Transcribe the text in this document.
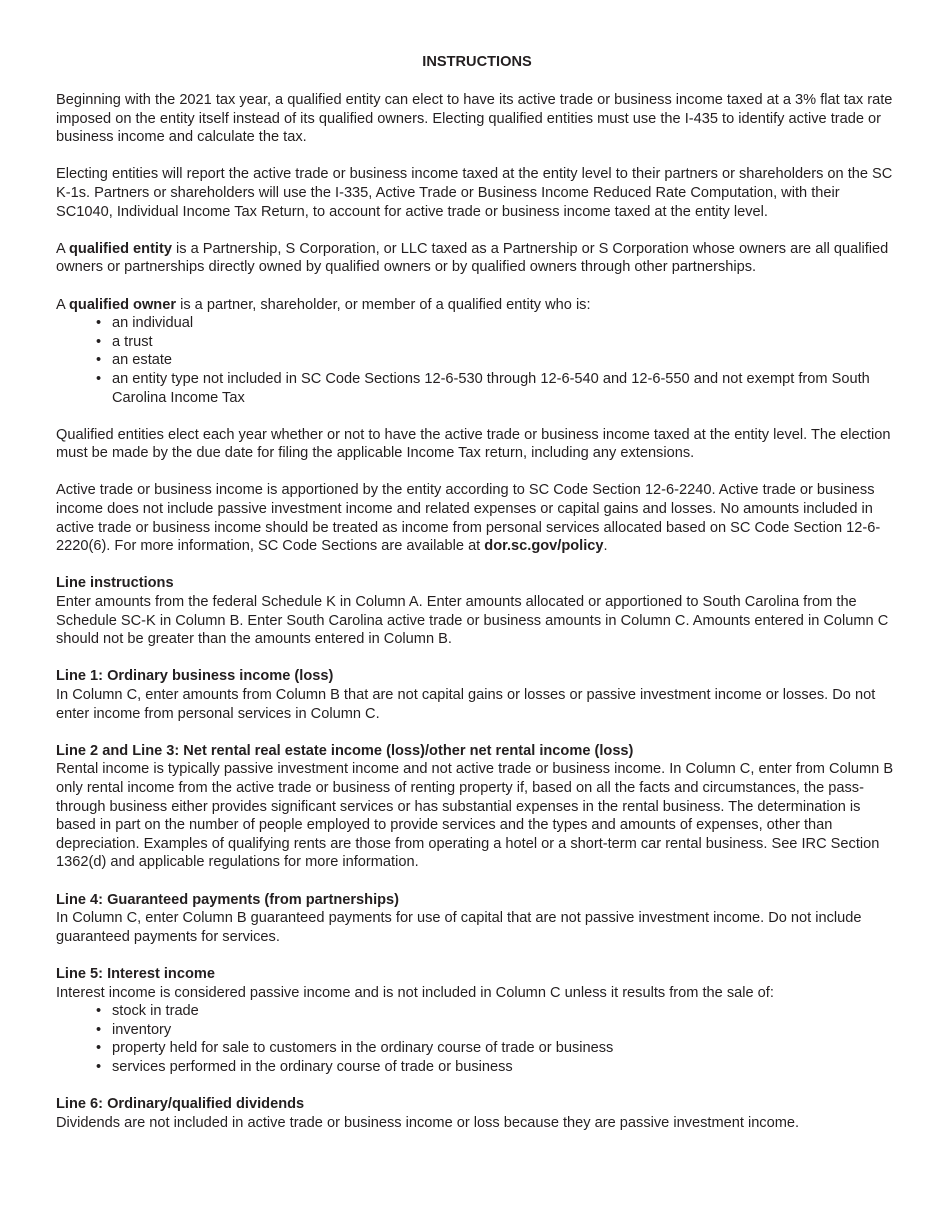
INSTRUCTIONS

Beginning with the 2021 tax year, a qualified entity can elect to have its active trade or business income taxed at a 3% flat tax rate imposed on the entity itself instead of its qualified owners. Electing qualified entities must use the I-435 to identify active trade or business income and calculate the tax.

Electing entities will report the active trade or business income taxed at the entity level to their partners or shareholders on the SC K-1s. Partners or shareholders will use the I-335, Active Trade or Business Income Reduced Rate Computation, with their SC1040, Individual Income Tax Return, to account for active trade or business income taxed at the entity level.

A qualified entity is a Partnership, S Corporation, or LLC taxed as a Partnership or S Corporation whose owners are all qualified owners or partnerships directly owned by qualified owners or by qualified owners through other partnerships.

A qualified owner is a partner, shareholder, or member of a qualified entity who is:

• an individual
• a trust
• an estate
• an entity type not included in SC Code Sections 12-6-530 through 12-6-540 and 12-6-550 and not exempt from South Carolina Income Tax

Qualified entities elect each year whether or not to have the active trade or business income taxed at the entity level. The election must be made by the due date for filing the applicable Income Tax return, including any extensions.

Active trade or business income is apportioned by the entity according to SC Code Section 12-6-2240. Active trade or business income does not include passive investment income and related expenses or capital gains and losses. No amounts included in active trade or business income should be treated as income from personal services allocated based on SC Code Section 12-6-2220(6). For more information, SC Code Sections are available at dor.sc.gov/policy.

Line instructions

Enter amounts from the federal Schedule K in Column A. Enter amounts allocated or apportioned to South Carolina from the Schedule SC-K in Column B. Enter South Carolina active trade or business amounts in Column C. Amounts entered in Column C should not be greater than the amounts entered in Column B.

Line 1: Ordinary business income (loss)

In Column C, enter amounts from Column B that are not capital gains or losses or passive investment income or losses. Do not enter income from personal services in Column C.

Line 2 and Line 3: Net rental real estate income (loss)/other net rental income (loss)

Rental income is typically passive investment income and not active trade or business income. In Column C, enter from Column B only rental income from the active trade or business of renting property if, based on all the facts and circumstances, the pass-through business either provides significant services or has substantial expenses in the rental business. The determination is based in part on the number of people employed to provide services and the types and amounts of expenses, other than depreciation. Examples of qualifying rents are those from operating a hotel or a short-term car rental business. See IRC Section 1362(d) and applicable regulations for more information.

Line 4: Guaranteed payments (from partnerships)

In Column C, enter Column B guaranteed payments for use of capital that are not passive investment income. Do not include guaranteed payments for services.

Line 5: Interest income

Interest income is considered passive income and is not included in Column C unless it results from the sale of:

• stock in trade
• inventory
• property held for sale to customers in the ordinary course of trade or business
• services performed in the ordinary course of trade or business
Line 6: Ordinary/qualified dividends

Dividends are not included in active trade or business income or loss because they are passive investment income.
